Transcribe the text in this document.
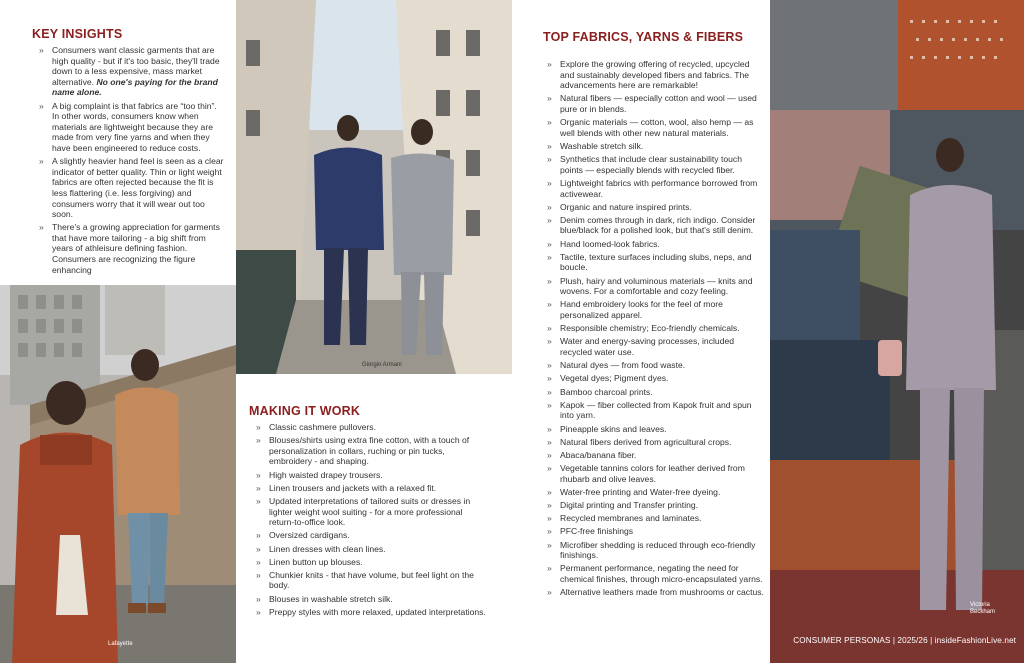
KEY INSIGHTS
» Consumers want classic garments that are high quality - but if it's too basic, they'll trade down to a less expensive, mass market alternative. No one's paying for the brand name alone.
» A big complaint is that fabrics are “too thin”. In other words, consumers know when materials are lightweight because they are made from very fine yarns and when they have been engineered to reduce costs.
» A slightly heavier hand feel is seen as a clear indicator of better quality. Thin or light weight fabrics are often rejected because the fit is less flattering (i.e. less forgiving) and consumers worry that it will wear out too soon.
» There's a growing appreciation for garments that have more tailoring - a big shift from years of athleisure defining fashion. Consumers are recognizing the figure enhancing
Lafayette
Giorgio Armani
MAKING IT WORK
» Classic cashmere pullovers.
» Blouses/shirts using extra fine cotton, with a touch of personalization in collars, ruching or pin tucks, embroidery - and shaping.
» High waisted drapey trousers.
» Linen trousers and jackets with a relaxed fit.
» Updated interpretations of tailored suits or dresses in lighter weight wool suiting - for a more professional return-to-office look.
» Oversized cardigans.
» Linen dresses with clean lines.
» Linen button up blouses.
» Chunkier knits - that have volume, but feel light on the body.
» Blouses in washable stretch silk.
» Preppy styles with more relaxed, updated interpretations.
TOP FABRICS, YARNS & FIBERS
» Explore the growing offering of recycled, upcycled and sustainably developed fibers and fabrics. The advancements here are remarkable!
» Natural fibers — especially cotton and wool — used pure or in blends.
» Organic materials — cotton, wool, also hemp — as well blends with other new natural materials.
» Washable stretch silk.
» Synthetics that include clear sustainability touch points — especially blends with recycled fiber.
» Lightweight fabrics with performance borrowed from activewear.
» Organic and nature inspired prints.
» Denim comes through in dark, rich indigo. Consider blue/black for a polished look, but that's still denim.
» Hand loomed-look fabrics.
» Tactile, texture surfaces including slubs, neps, and boucle.
» Plush, hairy and voluminous materials — knits and wovens. For a comfortable and cozy feeling.
» Hand embroidery looks for the feel of more personalized apparel.
» Responsible chemistry; Eco-friendly chemicals.
» Water and energy-saving processes, included recycled water use.
» Natural dyes — from food waste.
» Vegetal dyes; Pigment dyes.
» Bamboo charcoal prints.
» Kapok — fiber collected from Kapok fruit and spun into yarn.
» Pineapple skins and leaves.
» Natural fibers derived from agricultural crops.
» Abaca/banana fiber.
» Vegetable tannins colors for leather derived from rhubarb and olive leaves.
» Water-free printing and Water-free dyeing.
» Digital printing and Transfer printing.
» Recycled membranes and laminates.
» PFC-free finishings
» Microfiber shedding is reduced through eco-friendly finishings.
» Permanent performance, negating the need for chemical finishes, through micro-encapsulated yarns.
» Alternative leathers made from mushrooms or cactus.
Victoria Beckham
CONSUMER PERSONAS | 2025/26 | insideFashionLive.net
